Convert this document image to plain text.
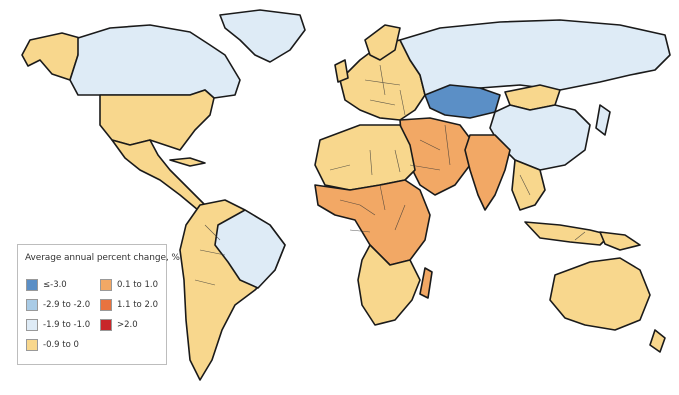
Average annual percent change, %
≤-3.0
-2.9 to -2.0
-1.9 to -1.0
-0.9 to 0
0.1 to 1.0
1.1 to 2.0
>2.0
